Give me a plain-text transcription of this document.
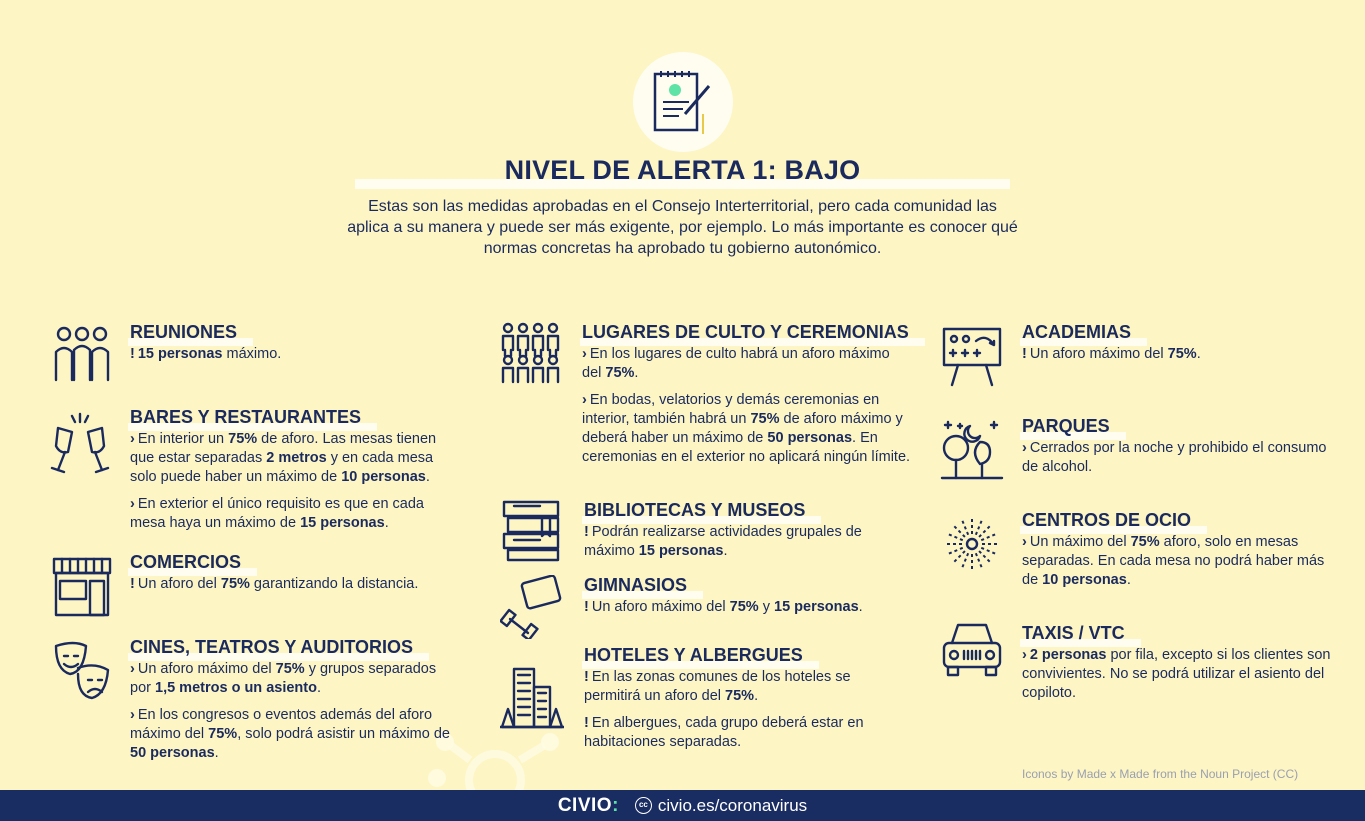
NIVEL DE ALERTA 1: BAJO
Estas son las medidas aprobadas en el Consejo Interterritorial, pero cada comunidad las aplica a su manera y puede ser más exigente, por ejemplo. Lo más importante es conocer qué normas concretas ha aprobado tu gobierno autonómico.
REUNIONES
! 15 personas máximo.
BARES Y RESTAURANTES
› En interior un 75% de aforo. Las mesas tienen que estar separadas 2 metros y en cada mesa solo puede haber un máximo de 10 personas.
› En exterior el único requisito es que en cada mesa haya un máximo de 15 personas.
COMERCIOS
! Un aforo del 75% garantizando la distancia.
CINES, TEATROS Y AUDITORIOS
› Un aforo máximo del 75% y grupos separados por 1,5 metros o un asiento.
› En los congresos o eventos además del aforo máximo del 75%, solo podrá asistir un máximo de 50 personas.
LUGARES DE CULTO Y CEREMONIAS
› En los lugares de culto habrá un aforo máximo del 75%.
› En bodas, velatorios y demás ceremonias en interior, también habrá un 75% de aforo máximo y deberá haber un máximo de 50 personas. En ceremonias en el exterior no aplicará ningún límite.
BIBLIOTECAS Y MUSEOS
! Podrán realizarse actividades grupales de máximo 15 personas.
GIMNASIOS
! Un aforo máximo del 75% y 15 personas.
HOTELES Y ALBERGUES
! En las zonas comunes de los hoteles se permitirá un aforo del 75%.
! En albergues, cada grupo deberá estar en habitaciones separadas.
ACADEMIAS
! Un aforo máximo del 75%.
PARQUES
› Cerrados por la noche y prohibido el consumo de alcohol.
CENTROS DE OCIO
› Un máximo del 75% aforo, solo en mesas separadas. En cada mesa no podrá haber más de 10 personas.
TAXIS / VTC
› 2 personas por fila, excepto si los clientes son convivientes. No se podrá utilizar el asiento del copiloto.
Iconos by Made x Made from the Noun Project (CC)
CIVIO:	cc civio.es/coronavirus
